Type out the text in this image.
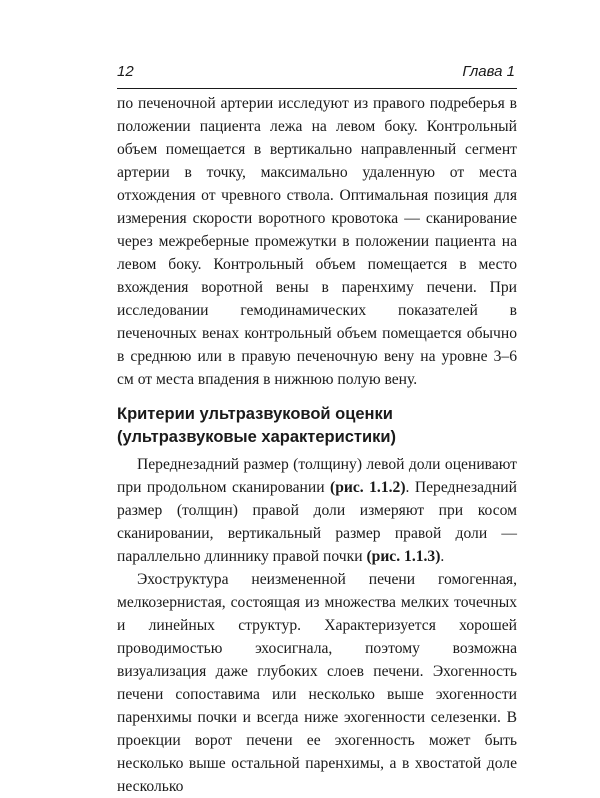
12	Глава 1

по печеночной артерии исследуют из правого подреберья в положении пациента лежа на левом боку. Контрольный объем помещается в вертикально направленный сегмент артерии в точку, максимально удаленную от места отхождения от чревного ствола. Оптимальная позиция для измерения скорости воротного кровотока — сканирование через межреберные промежутки в положении пациента на левом боку. Контрольный объем помещается в место вхождения воротной вены в паренхиму печени. При исследовании гемодинамических показателей в печеночных венах контрольный объем помещается обычно в среднюю или в правую печеночную вену на уровне 3–6 см от места впадения в нижнюю полую вену.

Критерии ультразвуковой оценки
(ультразвуковые характеристики)

Переднезадний размер (толщину) левой доли оценивают при продольном сканировании (рис. 1.1.2). Переднезадний размер (толщин) правой доли измеряют при косом сканировании, вертикальный размер правой доли — параллельно длиннику правой почки (рис. 1.1.3).

Эхоструктура неизмененной печени гомогенная, мелкозернистая, состоящая из множества мелких точечных и линейных структур. Характеризуется хорошей проводимостью эхосигнала, поэтому возможна визуализация даже глубоких слоев печени. Эхогенность печени сопоставима или несколько выше эхогенности паренхимы почки и всегда ниже эхогенности селезенки. В проекции ворот печени ее эхогенность может быть несколько выше остальной паренхимы, а в хвостатой доле несколько
